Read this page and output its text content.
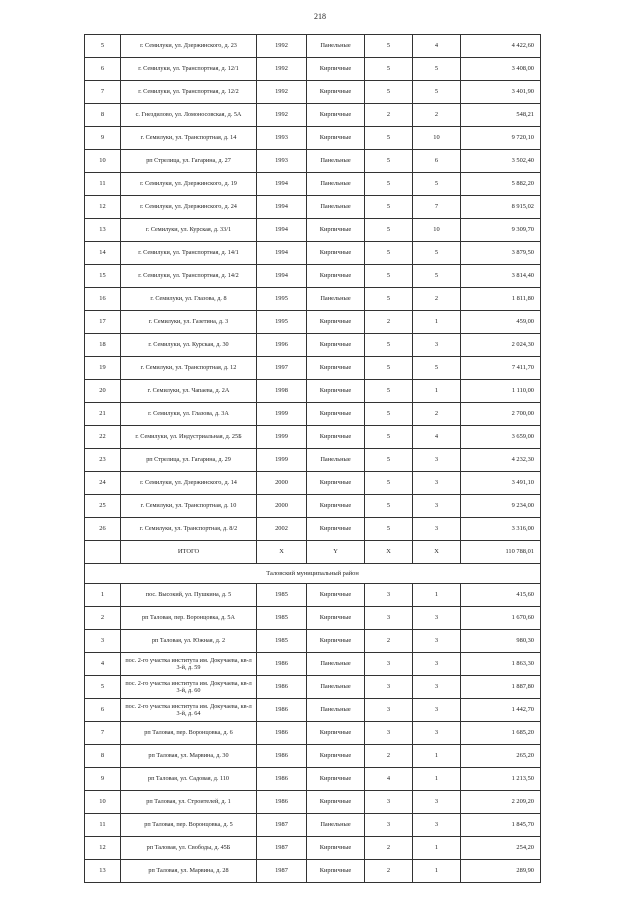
218
5	г. Семилуки, ул. Дзержинского, д. 23	1992	Панельные	5	4	4 422,60
6	г. Семилуки, ул. Транспортная, д. 12/1	1992	Кирпичные	5	5	3 408,00
7	г. Семилуки, ул. Транспортная, д. 12/2	1992	Кирпичные	5	5	3 401,90
8	с. Гнездилово, ул. Ломоносовская, д. 5А	1992	Кирпичные	2	2	548,21
9	г. Семилуки, ул. Транспортная, д. 14	1993	Кирпичные	5	10	9 720,10
10	рп Стрелица, ул. Гагарина, д. 27	1993	Панельные	5	6	3 502,40
11	г. Семилуки, ул. Дзержинского, д. 19	1994	Панельные	5	5	5 882,20
12	г. Семилуки, ул. Дзержинского, д. 24	1994	Панельные	5	7	8 915,02
13	г. Семилуки, ул. Курская, д. 33/1	1994	Кирпичные	5	10	9 309,70
14	г. Семилуки, ул. Транспортная, д. 14/1	1994	Кирпичные	5	5	3 879,50
15	г. Семилуки, ул. Транспортная, д. 14/2	1994	Кирпичные	5	5	3 814,40
16	г. Семилуки, ул. Глазова, д. 8	1995	Панельные	5	2	1 811,80
17	г. Семилуки, ул. Газетина, д. 3	1995	Кирпичные	2	1	459,00
18	г. Семилуки, ул. Курская, д. 30	1996	Кирпичные	5	3	2 024,30
19	г. Семилуки, ул. Транспортная, д. 12	1997	Кирпичные	5	5	7 411,70
20	г. Семилуки, ул. Чапаева, д. 2А	1998	Кирпичные	5	1	1 110,00
21	г. Семилуки, ул. Глазова, д. 3А	1999	Кирпичные	5	2	2 700,00
22	г. Семилуки, ул. Индустриальная, д. 25Б	1999	Кирпичные	5	4	3 659,00
23	рп Стрелица, ул. Гагарина, д. 29	1999	Панельные	5	3	4 232,30
24	г. Семилуки, ул. Дзержинского, д. 14	2000	Кирпичные	5	3	3 491,10
25	г. Семилуки, ул. Транспортная, д. 10	2000	Кирпичные	5	3	9 234,00
26	г. Семилуки, ул. Транспортная, д. 8/2	2002	Кирпичные	5	3	3 316,00
	ИТОГО	X	Y	X	X	110 788,01
Таловский муниципальный район						
1	пос. Высокий, ул. Пушкина, д. 5	1985	Кирпичные	3	1	415,60
2	рп Таловая, пер. Воронцовка, д. 5А	1985	Кирпичные	3	3	1 670,60
3	рп Таловая, ул. Южная, д. 2	1985	Кирпичные	2	3	980,30
4	пос. 2-го участка института им. Докучаева, кв-л 3-й, д. 59	1986	Панельные	3	3	1 863,30
5	пос. 2-го участка института им. Докучаева, кв-л 3-й, д. 60	1986	Панельные	3	3	1 887,80
6	пос. 2-го участка института им. Докучаева, кв-л 3-й, д. 64	1986	Панельные	3	3	1 442,70
7	рп Таловая, пер. Воронцовка, д. 6	1986	Кирпичные	3	3	1 685,20
8	рп Таловая, ул. Марвина, д. 30	1986	Кирпичные	2	1	265,20
9	рп Таловая, ул. Садовая, д. 110	1986	Кирпичные	4	1	1 213,50
10	рп Таловая, ул. Строителей, д. 1	1986	Кирпичные	3	3	2 209,20
11	рп Таловая, пер. Воронцовка, д. 5	1987	Панельные	3	3	1 845,70
12	рп Таловая, ул. Свободы, д. 45Б	1987	Кирпичные	2	1	254,20
13	рп Таловая, ул. Марвина, д. 28	1987	Кирпичные	2	1	289,90
